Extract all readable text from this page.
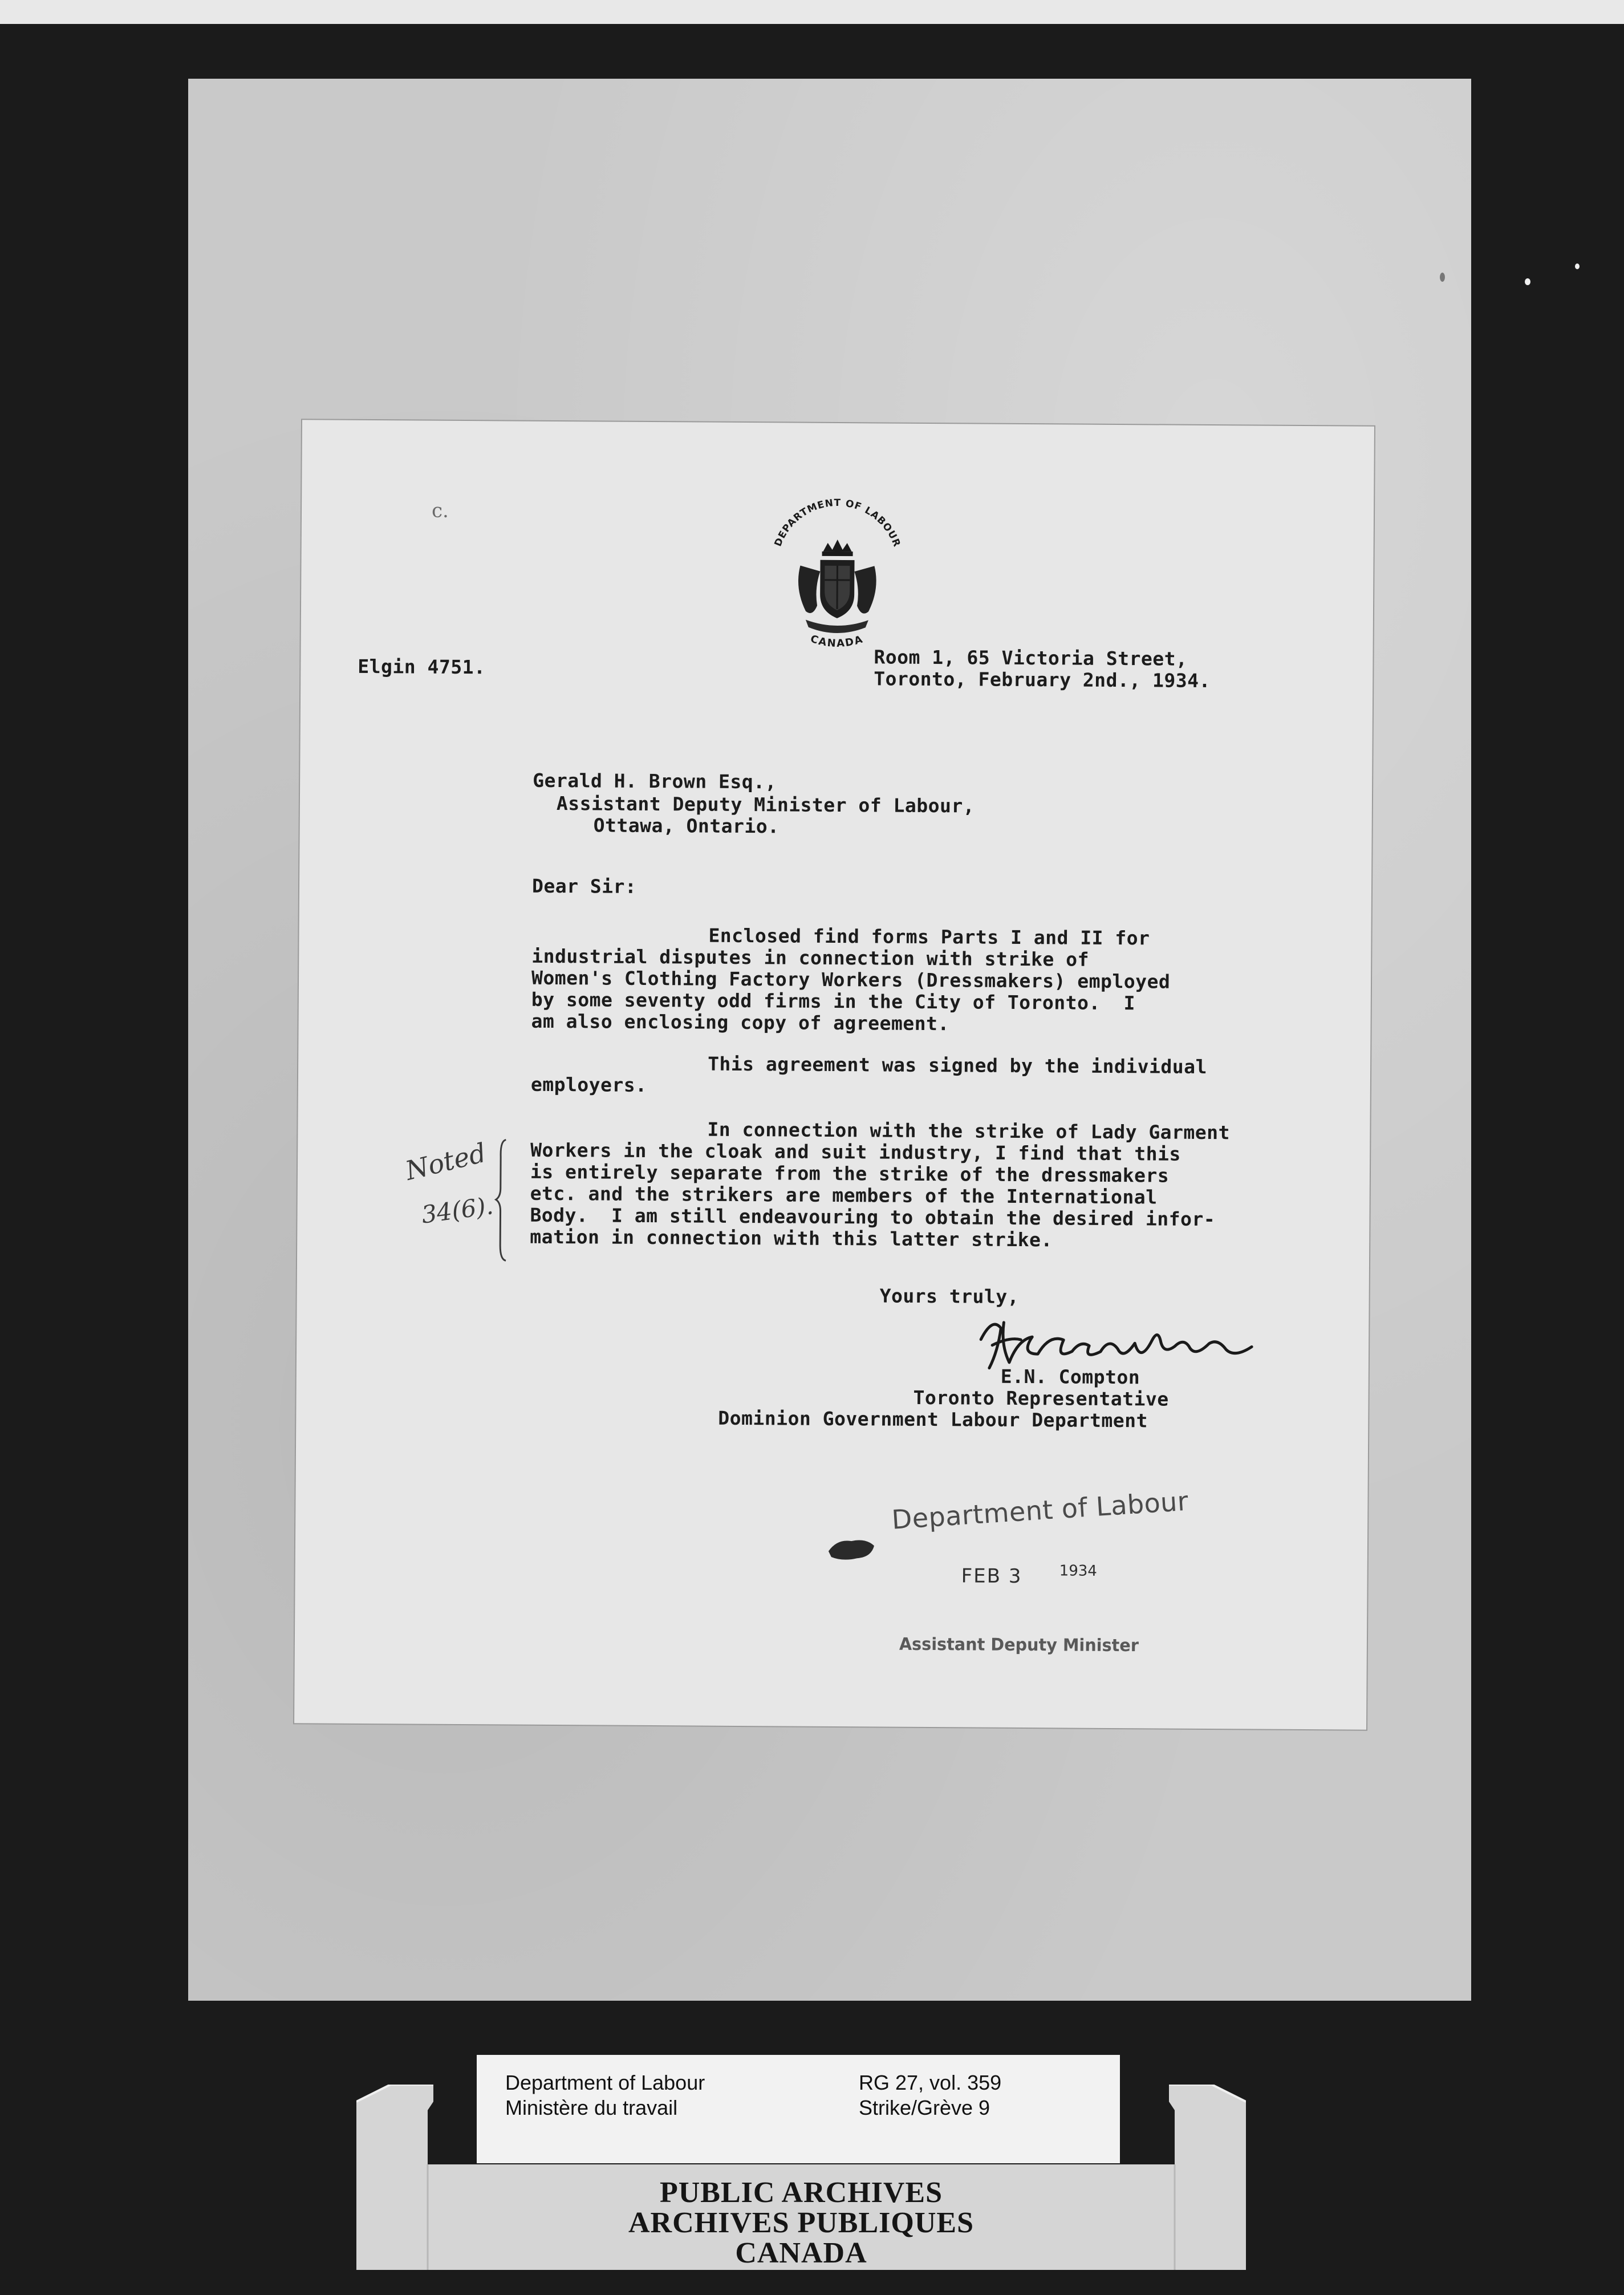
c.
DEPARTMENT OF LABOUR
CANADA
Elgin 4751.	Room 1, 65 Victoria Street,
Toronto, February 2nd., 1934.
Gerald H. Brown Esq.,
Assistant Deputy Minister of Labour,
Ottawa, Ontario.
Dear Sir:
Enclosed find forms Parts I and II for
industrial disputes in connection with strike of
Women's Clothing Factory Workers (Dressmakers) employed
by some seventy odd firms in the City of Toronto.  I
am also enclosing copy of agreement.
This agreement was signed by the individual
employers.
In connection with the strike of Lady Garment
Workers in the cloak and suit industry, I find that this
is entirely separate from the strike of the dressmakers
etc. and the strikers are members of the International
Body.  I am still endeavouring to obtain the desired infor-
mation in connection with this latter strike.
Noted
34(6).
Yours truly,
E.N. Compton
Toronto Representative
Dominion Government Labour Department
Department of Labour
FEB 3	1934
Assistant Deputy Minister
Department of Labour
Ministère du travail
RG 27, vol. 359
Strike/Grève 9
PUBLIC ARCHIVES
ARCHIVES PUBLIQUES
CANADA
